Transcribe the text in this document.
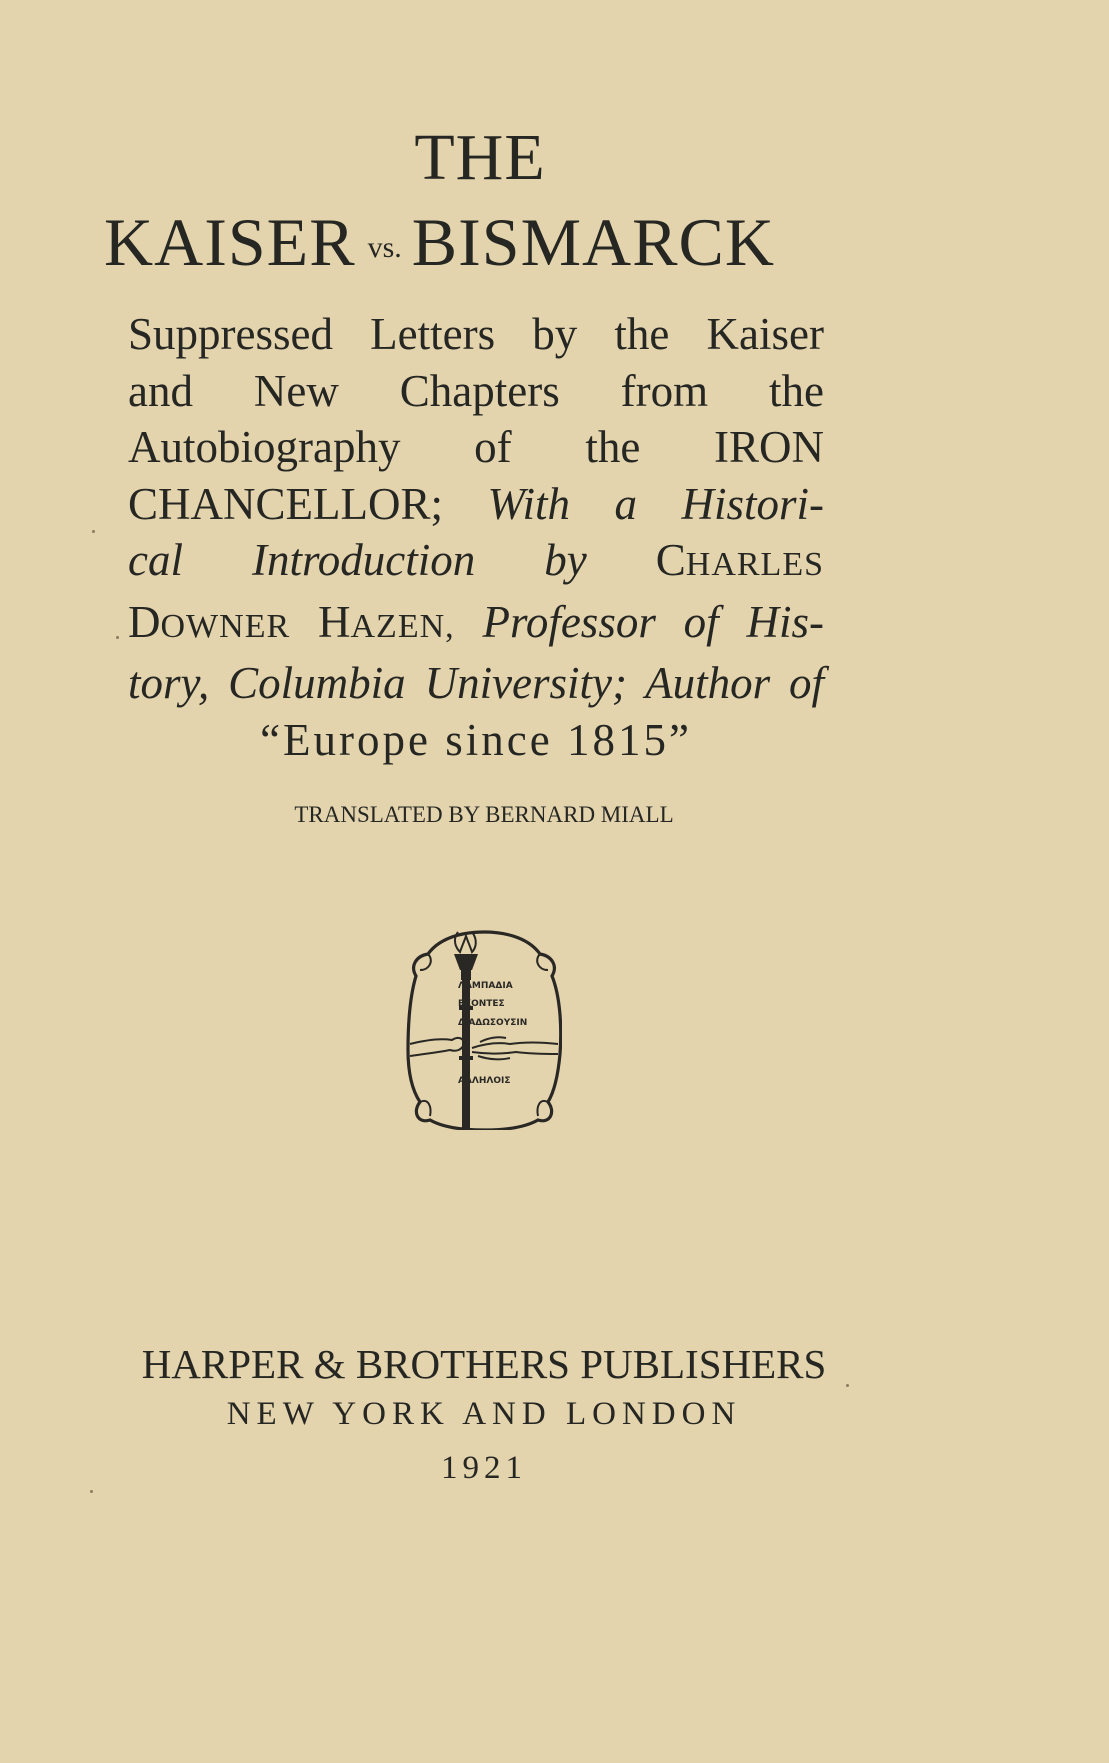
THE
KAISER vs. BISMARCK
Suppressed Letters by the Kaiser
and New Chapters from the
Autobiography of the IRON
CHANCELLOR; With a Histori-
cal Introduction by CHARLES
DOWNER HAZEN, Professor of His-
tory, Columbia University; Author of
“Europe since 1815”
TRANSLATED BY BERNARD MIALL
ΛΑΜΠΑΔΙΑ
ΕΧΟΝΤΕΣ
ΔΙΑΔΩΣΟΥΣΙΝ
ΑΛΛΗΛΟΙΣ
HARPER & BROTHERS PUBLISHERS
NEW YORK AND LONDON
1921
